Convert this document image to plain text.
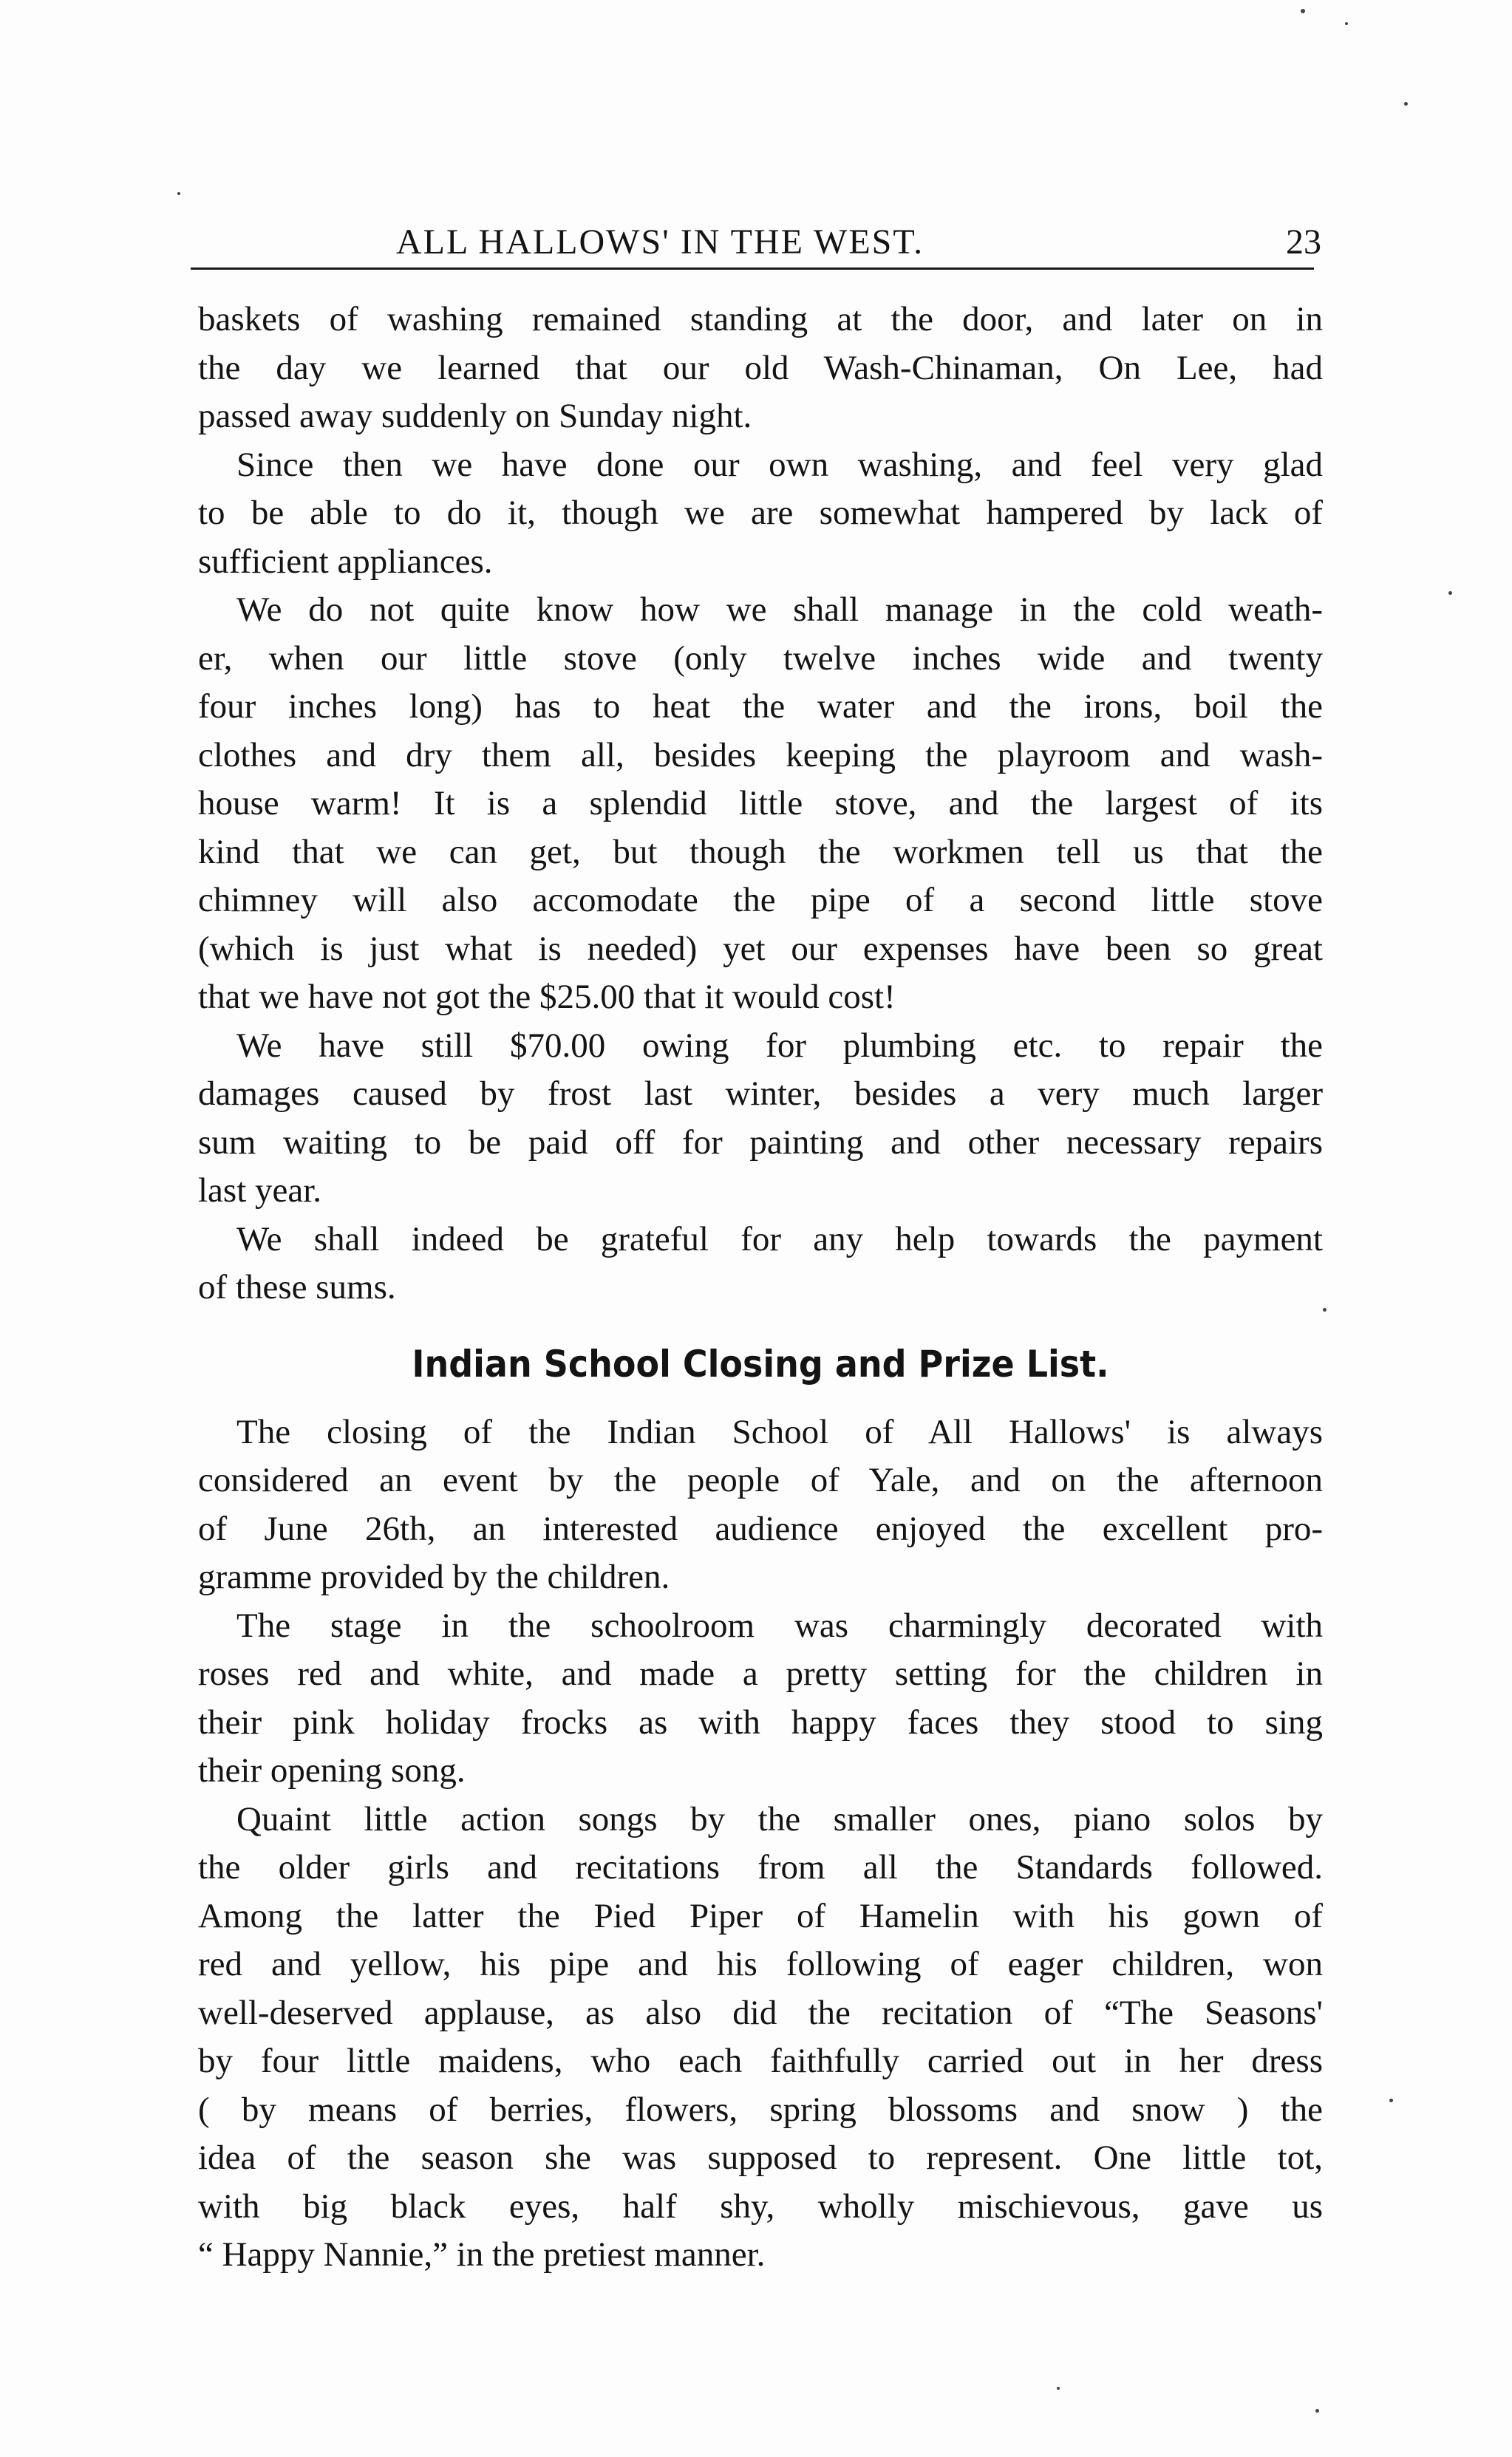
ALL HALLOWS' IN THE WEST.	23

baskets of washing remained standing at the door, and later on in
the day we learned that our old Wash-Chinaman, On Lee, had
passed away suddenly on Sunday night.

Since then we have done our own washing, and feel very glad
to be able to do it, though we are somewhat hampered by lack of
sufficient appliances.

We do not quite know how we shall manage in the cold weath-
er, when our little stove (only twelve inches wide and twenty
four inches long) has to heat the water and the irons, boil the
clothes and dry them all, besides keeping the playroom and wash-
house warm! It is a splendid little stove, and the largest of its
kind that we can get, but though the workmen tell us that the
chimney will also accomodate the pipe of a second little stove
(which is just what is needed) yet our expenses have been so great
that we have not got the $25.00 that it would cost!

We have still $70.00 owing for plumbing etc. to repair the
damages caused by frost last winter, besides a very much larger
sum waiting to be paid off for painting and other necessary repairs
last year.

We shall indeed be grateful for any help towards the payment
of these sums.

Indian School Closing and Prize List.

The closing of the Indian School of All Hallows' is always
considered an event by the people of Yale, and on the afternoon
of June 26th, an interested audience enjoyed the excellent pro-
gramme provided by the children.

The stage in the schoolroom was charmingly decorated with
roses red and white, and made a pretty setting for the children in
their pink holiday frocks as with happy faces they stood to sing
their opening song.

Quaint little action songs by the smaller ones, piano solos by
the older girls and recitations from all the Standards followed.
Among the latter the Pied Piper of Hamelin with his gown of
red and yellow, his pipe and his following of eager children, won
well-deserved applause, as also did the recitation of “The Seasons'
by four little maidens, who each faithfully carried out in her dress
( by means of berries, flowers, spring blossoms and snow ) the
idea of the season she was supposed to represent. One little tot,
with big black eyes, half shy, wholly mischievous, gave us
“ Happy Nannie,” in the pretiest manner.
